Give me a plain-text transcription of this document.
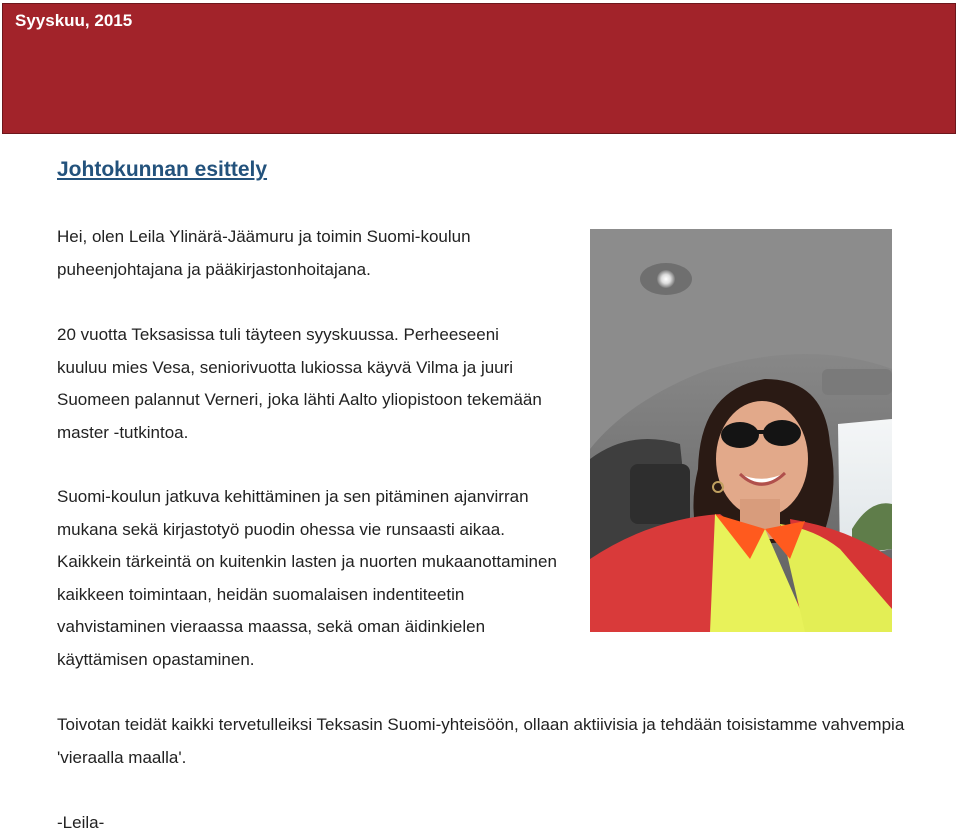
Syyskuu, 2015
Johtokunnan esittely

Hei, olen Leila Ylinärä-Jäämuru ja toimin Suomi-koulun puheenjohtajana ja pääkirjastonhoitajana.

20 vuotta Teksasissa tuli täyteen syyskuussa. Perheeseeni kuuluu mies Vesa, seniorivuotta lukiossa käyvä Vilma ja juuri Suomeen palannut Verneri, joka lähti Aalto yliopistoon tekemään master -tutkintoa.

Suomi-koulun jatkuva kehittäminen ja sen pitäminen ajanvirran mukana sekä kirjastotyö puodin ohessa vie runsaasti aikaa. Kaikkein tärkeintä on kuitenkin lasten ja nuorten mukaanottaminen kaikkeen toimintaan, heidän suomalaisen indentiteetin vahvistaminen vieraassa maassa, sekä oman äidinkielen käyttämisen opastaminen.

Toivotan teidät kaikki tervetulleiksi Teksasin Suomi-yhteisöön, ollaan aktiivisia ja tehdään toisistamme vahvempia 'vieraalla maalla'.

-Leila-
